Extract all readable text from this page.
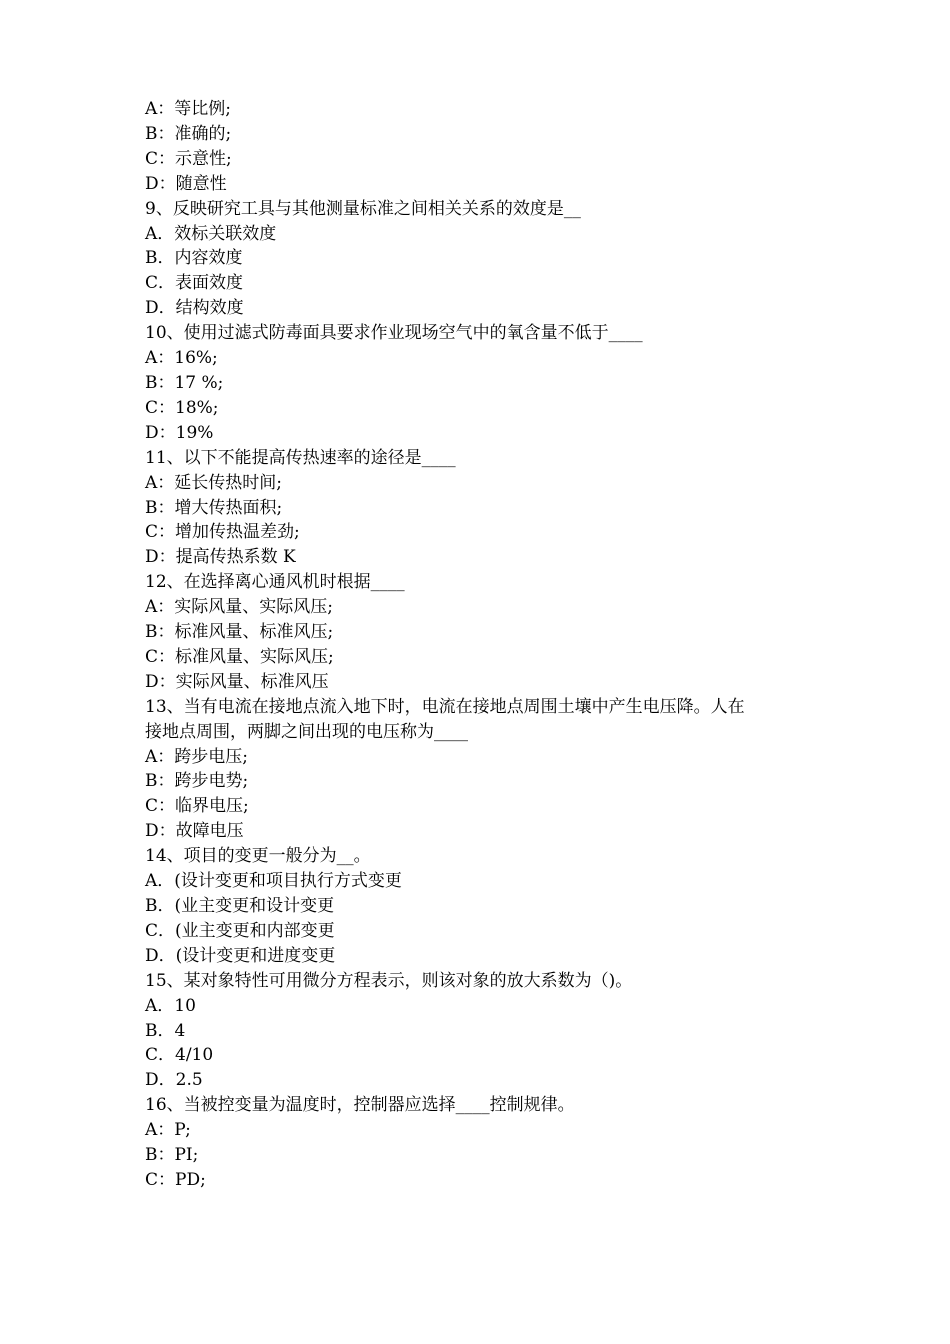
A：等比例;

B：准确的;

C：示意性;

D：随意性

9、反映研究工具与其他测量标准之间相关关系的效度是__

A．效标关联效度

B．内容效度

C．表面效度

D．结构效度

10、使用过滤式防毒面具要求作业现场空气中的氧含量不低于____

A：16%;

B：17 %;

C：18%;

D：19%

11、以下不能提高传热速率的途径是____

A：延长传热时间;

B：增大传热面积;

C：增加传热温差劲;

D：提高传热系数 K

12、在选择离心通风机时根据____

A：实际风量、实际风压;

B：标准风量、标准风压;

C：标准风量、实际风压;

D：实际风量、标准风压

13、当有电流在接地点流入地下时，电流在接地点周围土壤中产生电压降。人在

接地点周围，两脚之间出现的电压称为____

A：跨步电压;

B：跨步电势;

C：临界电压;

D：故障电压

14、项目的变更一般分为__。

A．(设计变更和项目执行方式变更

B．(业主变更和设计变更

C．(业主变更和内部变更

D．(设计变更和进度变更

15、某对象特性可用微分方程表示，则该对象的放大系数为（)。

A．10

B．4

C．4/10

D．2.5

16、当被控变量为温度时，控制器应选择____控制规律。

A：P;

B：PI;

C：PD;
